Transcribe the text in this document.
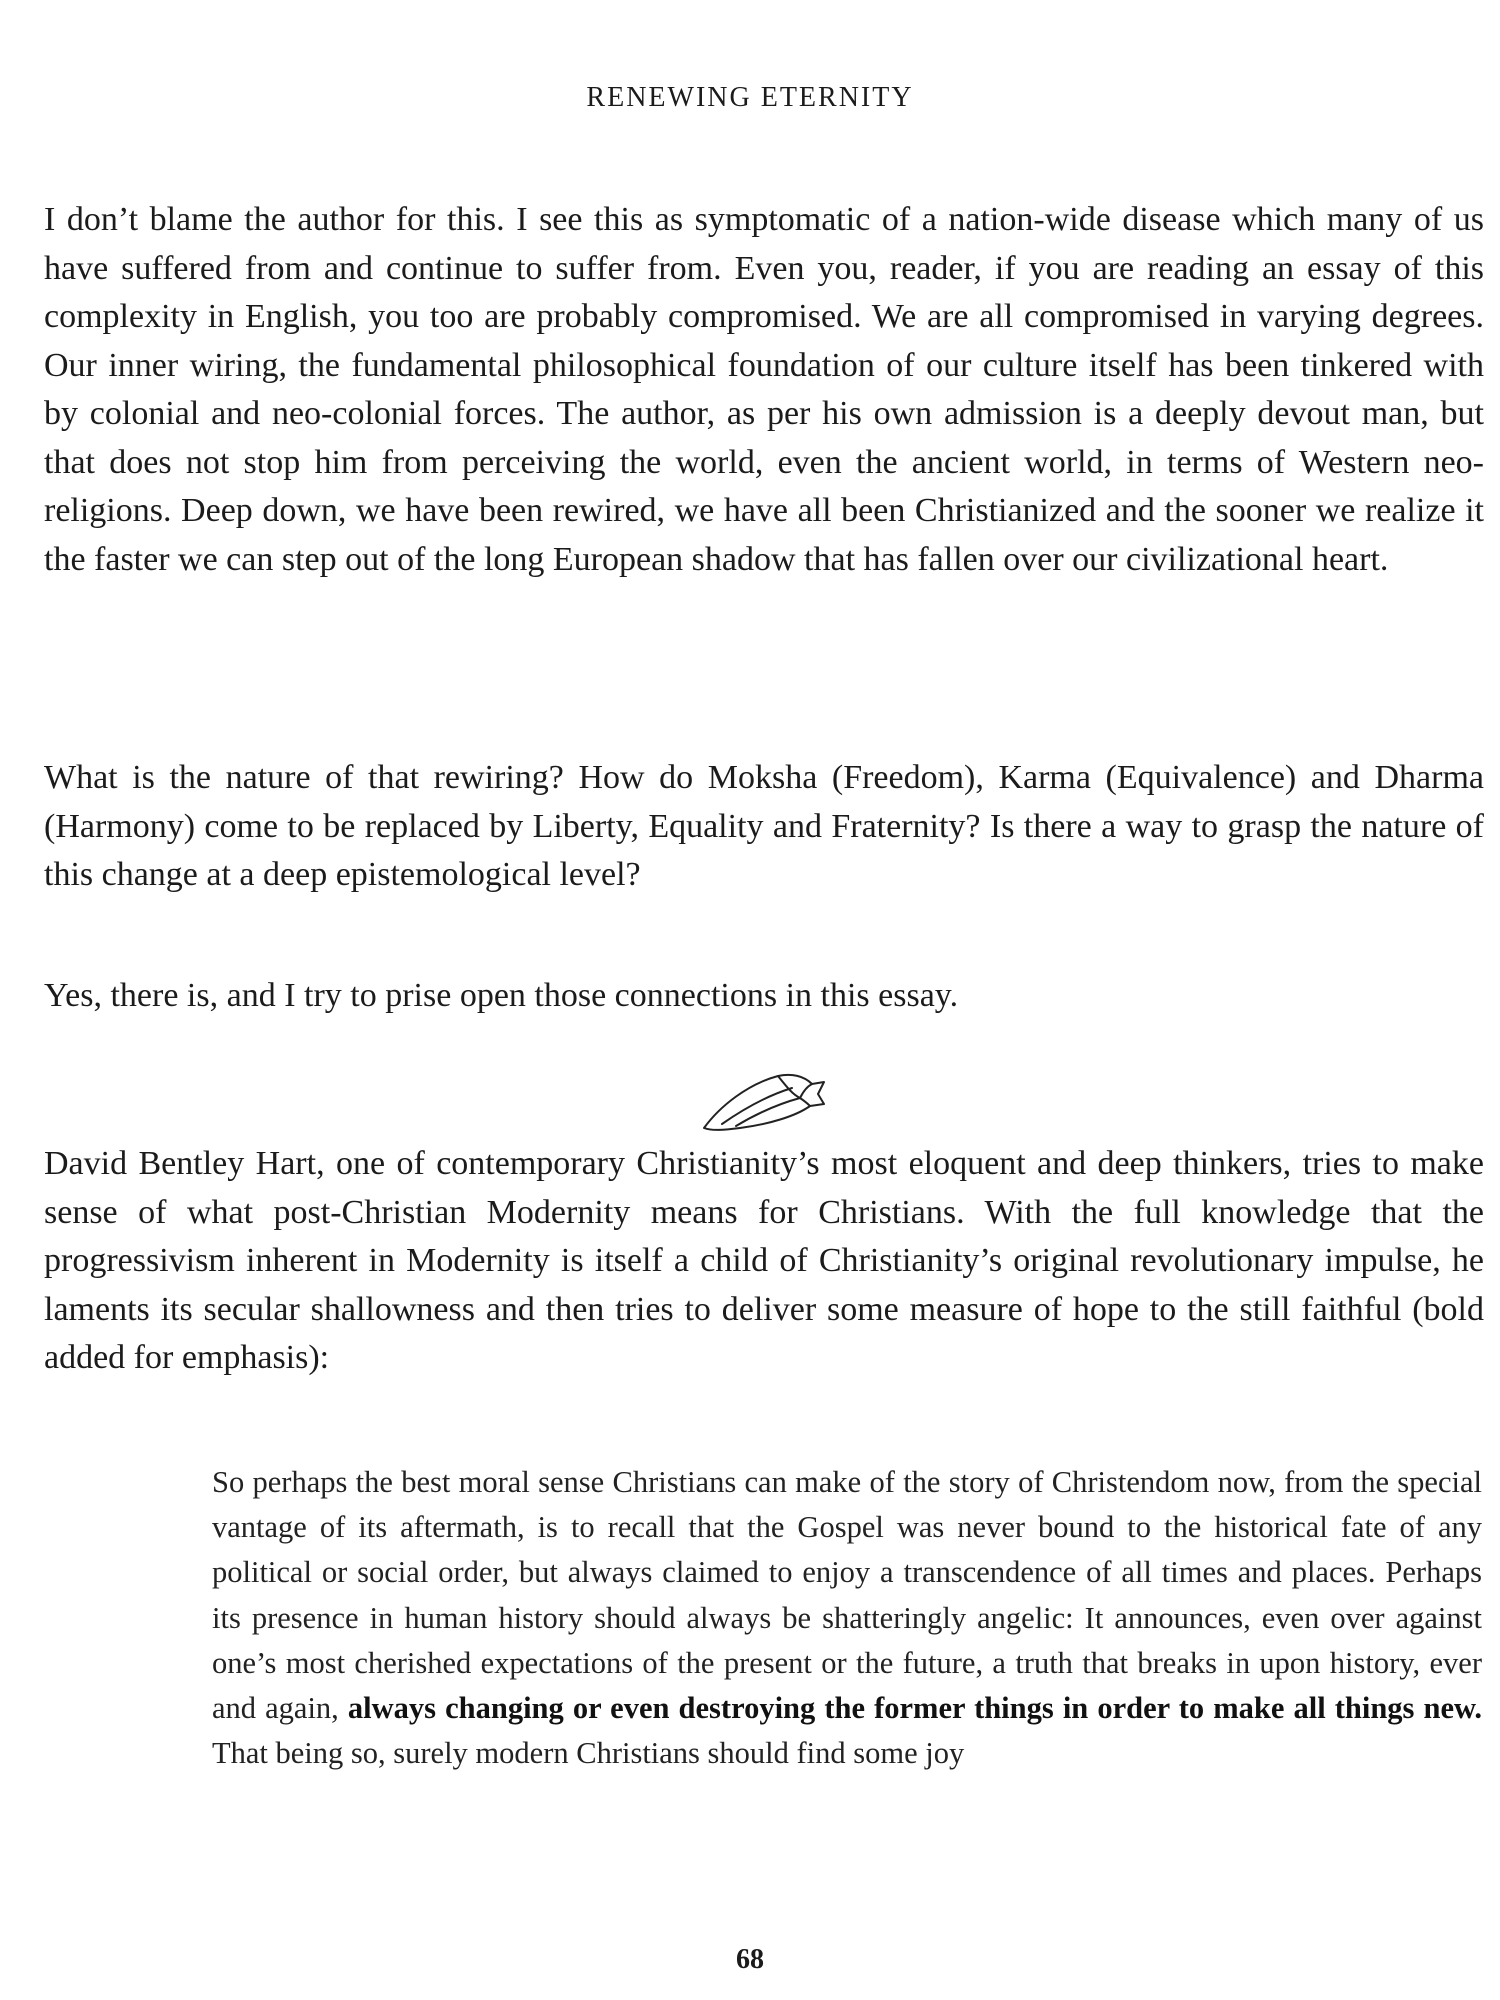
RENEWING ETERNITY

I don’t blame the author for this. I see this as symptomatic of a nation-wide disease which many of us have suffered from and continue to suffer from. Even you, reader, if you are reading an essay of this complexity in English, you too are probably compromised. We are all compromised in varying degrees. Our inner wiring, the fundamental philosophical foundation of our culture itself has been tinkered with by colonial and neo-colonial forces. The author, as per his own admission is a deeply devout man, but that does not stop him from perceiving the world, even the ancient world, in terms of Western neo-religions. Deep down, we have been rewired, we have all been Christianized and the sooner we realize it the faster we can step out of the long European shadow that has fallen over our civilizational heart.

What is the nature of that rewiring? How do Moksha (Freedom), Karma (Equivalence) and Dharma (Harmony) come to be replaced by Liberty, Equality and Fraternity? Is there a way to grasp the nature of this change at a deep epistemological level?

Yes, there is, and I try to prise open those connections in this essay.

David Bentley Hart, one of contemporary Christianity’s most eloquent and deep thinkers, tries to make sense of what post-Christian Modernity means for Christians. With the full knowledge that the progressivism inherent in Modernity is itself a child of Christianity’s original revolutionary impulse, he laments its secular shallowness and then tries to deliver some measure of hope to the still faithful (bold added for emphasis):

So perhaps the best moral sense Christians can make of the story of Christendom now, from the special vantage of its aftermath, is to recall that the Gospel was never bound to the historical fate of any political or social order, but always claimed to enjoy a transcendence of all times and places. Perhaps its presence in human history should always be shatteringly angelic: It announces, even over against one’s most cherished expectations of the present or the future, a truth that breaks in upon history, ever and again, always changing or even destroying the former things in order to make all things new. That being so, surely modern Christians should find some joy

68
